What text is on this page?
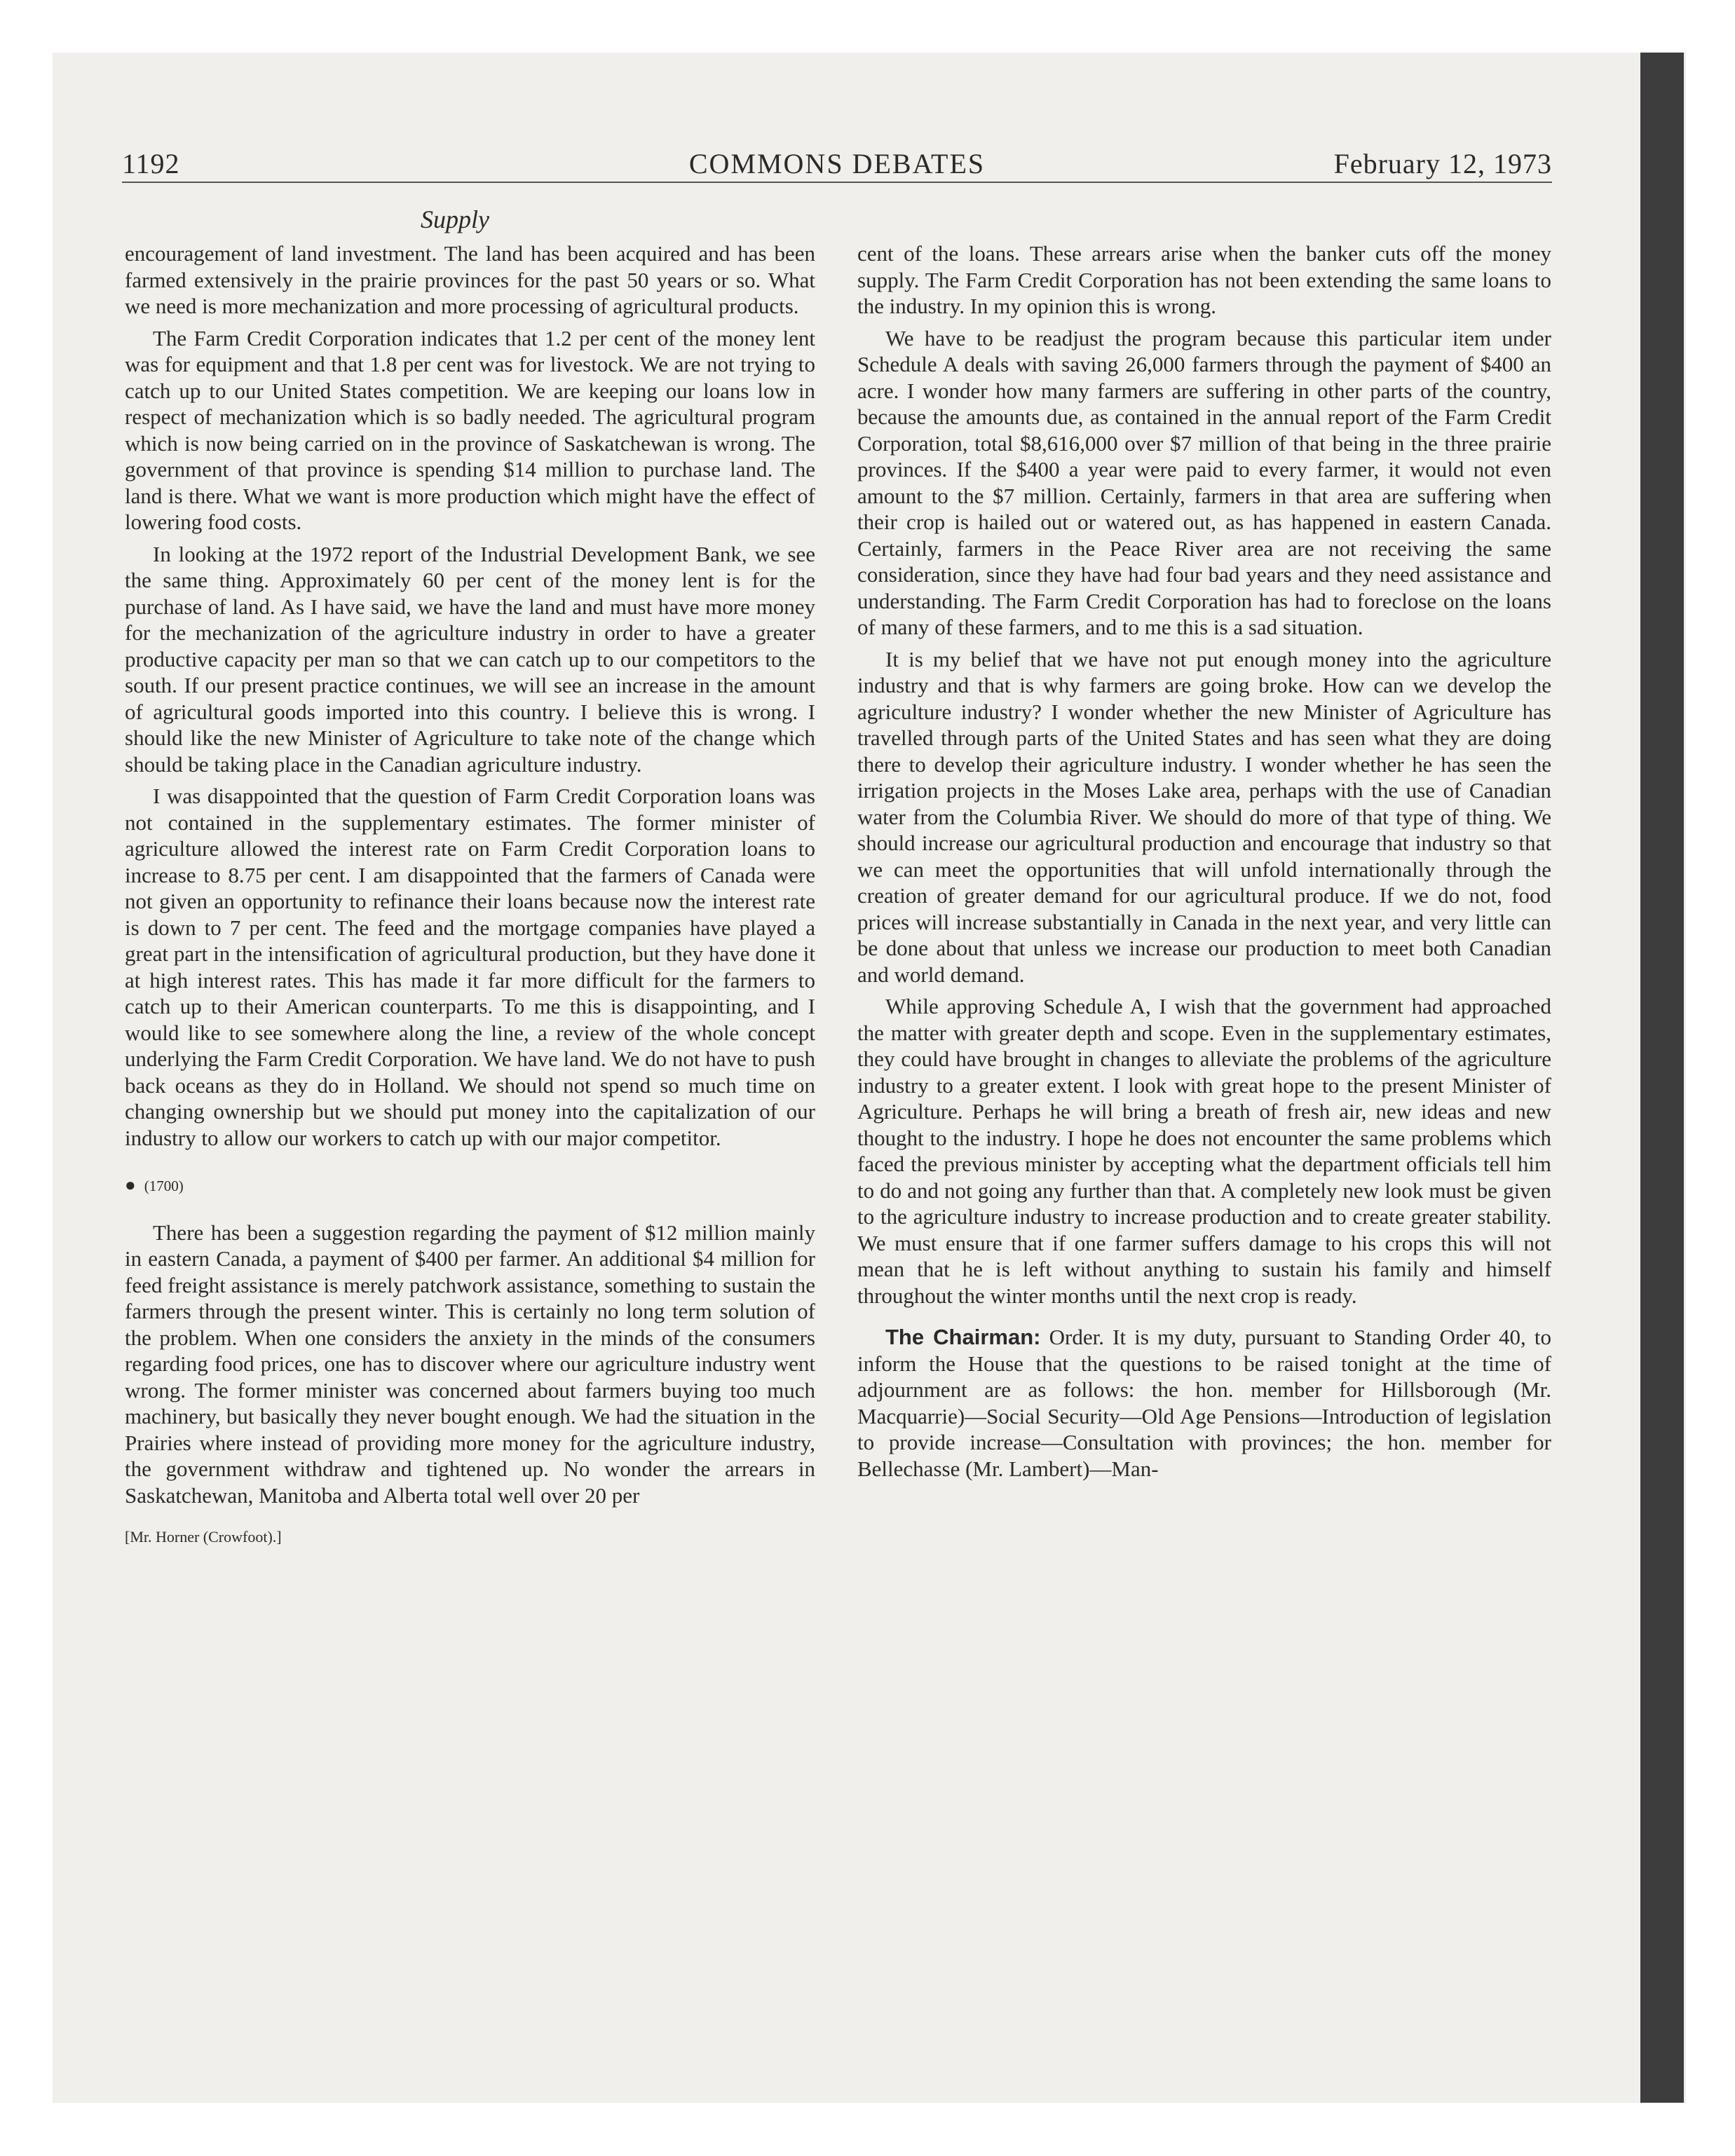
1192	COMMONS DEBATES	February 12, 1973
Supply

encouragement of land investment. The land has been acquired and has been farmed extensively in the prairie provinces for the past 50 years or so. What we need is more mechanization and more processing of agricultural products.

The Farm Credit Corporation indicates that 1.2 per cent of the money lent was for equipment and that 1.8 per cent was for livestock. We are not trying to catch up to our United States competition. We are keeping our loans low in respect of mechanization which is so badly needed. The agricultural program which is now being carried on in the province of Saskatchewan is wrong. The government of that province is spending $14 million to purchase land. The land is there. What we want is more production which might have the effect of lowering food costs.

In looking at the 1972 report of the Industrial Development Bank, we see the same thing. Approximately 60 per cent of the money lent is for the purchase of land. As I have said, we have the land and must have more money for the mechanization of the agriculture industry in order to have a greater productive capacity per man so that we can catch up to our competitors to the south. If our present practice continues, we will see an increase in the amount of agricultural goods imported into this country. I believe this is wrong. I should like the new Minister of Agriculture to take note of the change which should be taking place in the Canadian agriculture industry.

I was disappointed that the question of Farm Credit Corporation loans was not contained in the supplementary estimates. The former minister of agriculture allowed the interest rate on Farm Credit Corporation loans to increase to 8.75 per cent. I am disappointed that the farmers of Canada were not given an opportunity to refinance their loans because now the interest rate is down to 7 per cent. The feed and the mortgage companies have played a great part in the intensification of agricultural production, but they have done it at high interest rates. This has made it far more difficult for the farmers to catch up to their American counterparts. To me this is disappointing, and I would like to see somewhere along the line, a review of the whole concept underlying the Farm Credit Corporation. We have land. We do not have to push back oceans as they do in Holland. We should not spend so much time on changing ownership but we should put money into the capitalization of our industry to allow our workers to catch up with our major competitor.

● (1700)

There has been a suggestion regarding the payment of $12 million mainly in eastern Canada, a payment of $400 per farmer. An additional $4 million for feed freight assistance is merely patchwork assistance, something to sustain the farmers through the present winter. This is certainly no long term solution of the problem. When one considers the anxiety in the minds of the consumers regarding food prices, one has to discover where our agriculture industry went wrong. The former minister was concerned about farmers buying too much machinery, but basically they never bought enough. We had the situation in the Prairies where instead of providing more money for the agriculture industry, the government withdraw and tightened up. No wonder the arrears in Saskatchewan, Manitoba and Alberta total well over 20 per

[Mr. Horner (Crowfoot).]

cent of the loans. These arrears arise when the banker cuts off the money supply. The Farm Credit Corporation has not been extending the same loans to the industry. In my opinion this is wrong.

We have to be readjust the program because this particular item under Schedule A deals with saving 26,000 farmers through the payment of $400 an acre. I wonder how many farmers are suffering in other parts of the country, because the amounts due, as contained in the annual report of the Farm Credit Corporation, total $8,616,000 over $7 million of that being in the three prairie provinces. If the $400 a year were paid to every farmer, it would not even amount to the $7 million. Certainly, farmers in that area are suffering when their crop is hailed out or watered out, as has happened in eastern Canada. Certainly, farmers in the Peace River area are not receiving the same consideration, since they have had four bad years and they need assistance and understanding. The Farm Credit Corporation has had to foreclose on the loans of many of these farmers, and to me this is a sad situation.

It is my belief that we have not put enough money into the agriculture industry and that is why farmers are going broke. How can we develop the agriculture industry? I wonder whether the new Minister of Agriculture has travelled through parts of the United States and has seen what they are doing there to develop their agriculture industry. I wonder whether he has seen the irrigation projects in the Moses Lake area, perhaps with the use of Canadian water from the Columbia River. We should do more of that type of thing. We should increase our agricultural production and encourage that industry so that we can meet the opportunities that will unfold internationally through the creation of greater demand for our agricultural produce. If we do not, food prices will increase substantially in Canada in the next year, and very little can be done about that unless we increase our production to meet both Canadian and world demand.

While approving Schedule A, I wish that the government had approached the matter with greater depth and scope. Even in the supplementary estimates, they could have brought in changes to alleviate the problems of the agriculture industry to a greater extent. I look with great hope to the present Minister of Agriculture. Perhaps he will bring a breath of fresh air, new ideas and new thought to the industry. I hope he does not encounter the same problems which faced the previous minister by accepting what the department officials tell him to do and not going any further than that. A completely new look must be given to the agriculture industry to increase production and to create greater stability. We must ensure that if one farmer suffers damage to his crops this will not mean that he is left without anything to sustain his family and himself throughout the winter months until the next crop is ready.

The Chairman: Order. It is my duty, pursuant to Standing Order 40, to inform the House that the questions to be raised tonight at the time of adjournment are as follows: the hon. member for Hillsborough (Mr. Macquarrie)—Social Security—Old Age Pensions—Introduction of legislation to provide increase—Consultation with provinces; the hon. member for Bellechasse (Mr. Lambert)—Man-
